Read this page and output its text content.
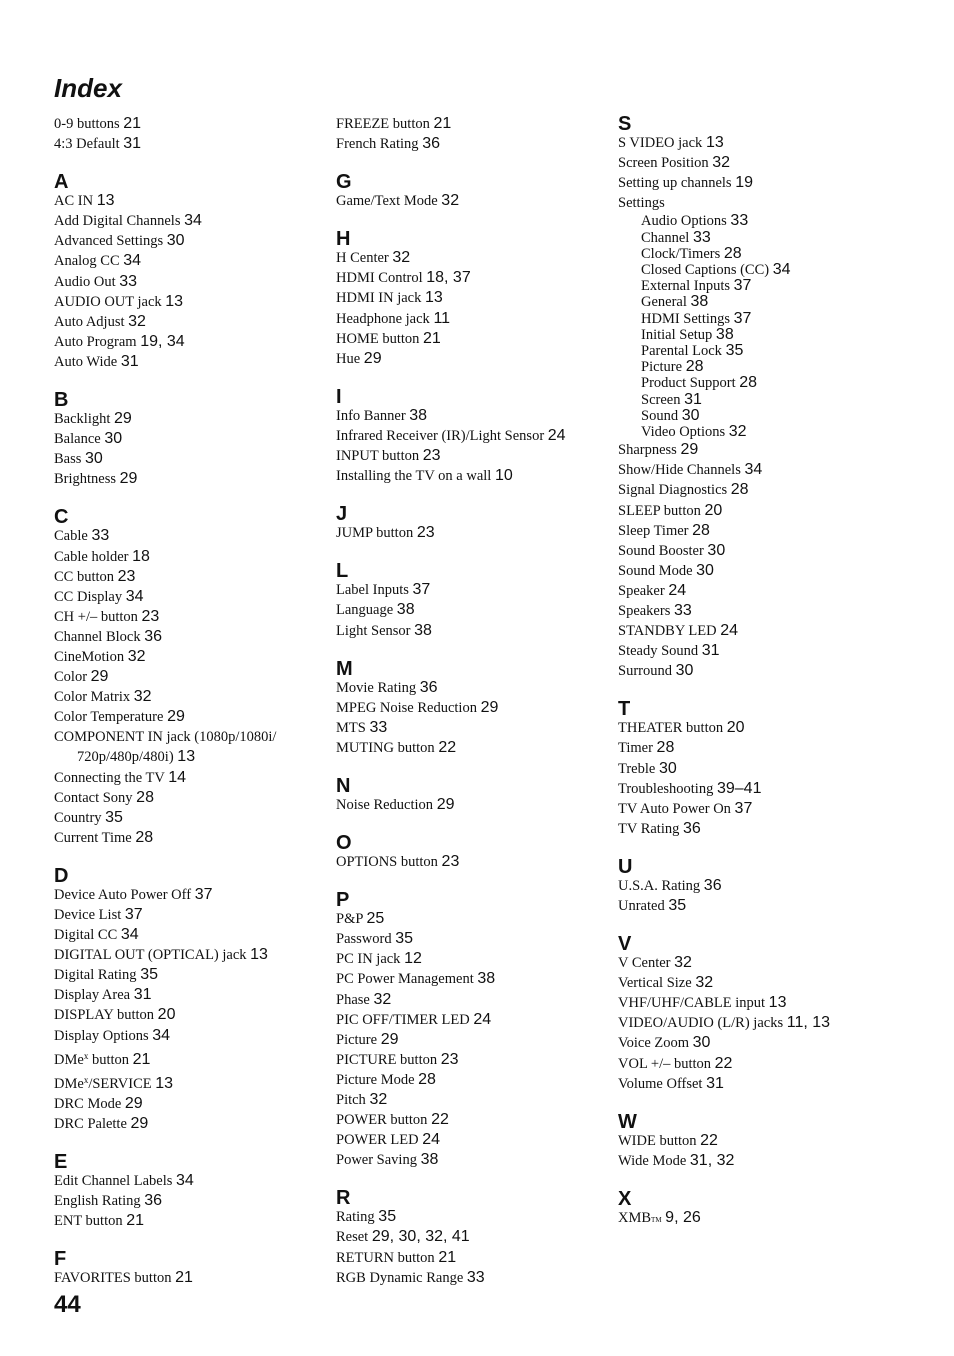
Index
0-9 buttons 21
4:3 Default 31
A
AC IN 13
Add Digital Channels 34
Advanced Settings 30
Analog CC 34
Audio Out 33
AUDIO OUT jack 13
Auto Adjust 32
Auto Program 19, 34
Auto Wide 31
B
Backlight 29
Balance 30
Bass 30
Brightness 29
C
Cable 33
Cable holder 18
CC button 23
CC Display 34
CH +/– button 23
Channel Block 36
CineMotion 32
Color 29
Color Matrix 32
Color Temperature 29
COMPONENT IN jack (1080p/1080i/ 720p/480p/480i) 13
Connecting the TV 14
Contact Sony 28
Country 35
Current Time 28
D
Device Auto Power Off 37
Device List 37
Digital CC 34
DIGITAL OUT (OPTICAL) jack 13
Digital Rating 35
Display Area 31
DISPLAY button 20
Display Options 34
DMe$^x$ button 21
DMe$^x$/SERVICE 13
DRC Mode 29
DRC Palette 29
E
Edit Channel Labels 34
English Rating 36
ENT button 21
F
FAVORITES button 21
FREEZE button 21
French Rating 36
G
Game/Text Mode 32
H
H Center 32
HDMI Control 18, 37
HDMI IN jack 13
Headphone jack 11
HOME button 21
Hue 29
I
Info Banner 38
Infrared Receiver (IR)/Light Sensor 24
INPUT button 23
Installing the TV on a wall 10
J
JUMP button 23
L
Label Inputs 37
Language 38
Light Sensor 38
M
Movie Rating 36
MPEG Noise Reduction 29
MTS 33
MUTING button 22
N
Noise Reduction 29
O
OPTIONS button 23
P
P&P 25
Password 35
PC IN jack 12
PC Power Management 38
Phase 32
PIC OFF/TIMER LED 24
Picture 29
PICTURE button 23
Picture Mode 28
Pitch 32
POWER button 22
POWER LED 24
Power Saving 38
R
Rating 35
Reset 29, 30, 32, 41
RETURN button 21
RGB Dynamic Range 33
S
S VIDEO jack 13
Screen Position 32
Setting up channels 19
Settings
Audio Options 33
Channel 33
Clock/Timers 28
Closed Captions (CC) 34
External Inputs 37
General 38
HDMI Settings 37
Initial Setup 38
Parental Lock 35
Picture 28
Product Support 28
Screen 31
Sound 30
Video Options 32
Sharpness 29
Show/Hide Channels 34
Signal Diagnostics 28
SLEEP button 20
Sleep Timer 28
Sound Booster 30
Sound Mode 30
Speaker 24
Speakers 33
STANDBY LED 24
Steady Sound 31
Surround 30
T
THEATER button 20
Timer 28
Treble 30
Troubleshooting 39–41
TV Auto Power On 37
TV Rating 36
U
U.S.A. Rating 36
Unrated 35
V
V Center 32
Vertical Size 32
VHF/UHF/CABLE input 13
VIDEO/AUDIO (L/R) jacks 11, 13
Voice Zoom 30
VOL +/– button 22
Volume Offset 31
W
WIDE button 22
Wide Mode 31, 32
X
XMBTM 9, 26
44
